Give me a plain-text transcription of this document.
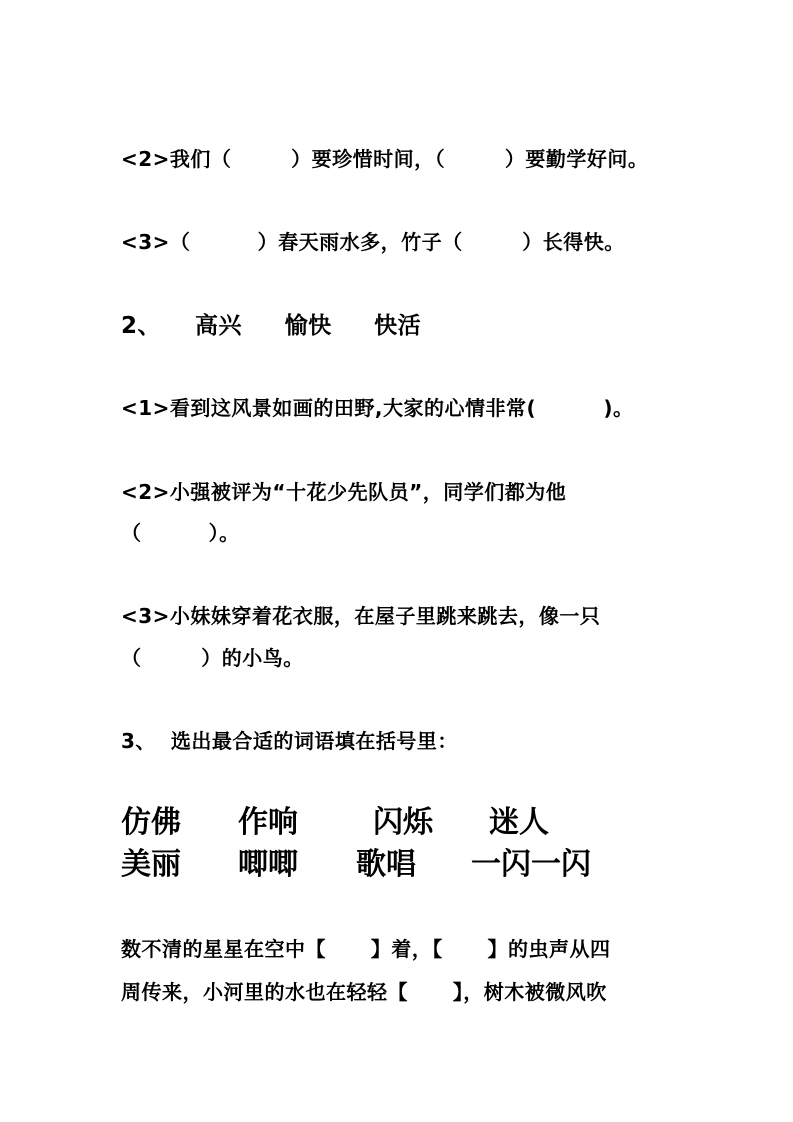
<2>我们（        ）要珍惜时间，（        ）要勤学好问。
<3>（         ）春天雨水多，竹子（        ）长得快。
2、    高兴     愉快     快活
<1>看到这风景如画的田野,大家的心情非常(         )。
<2>小强被评为“十花少先队员”，同学们都为他
（         ）。
<3>小妹妹穿着花衣服，在屋子里跳来跳去，像一只
（        ）的小鸟。
3、  选出最合适的词语填在括号里：
仿佛 作响	闪烁 迷人
美丽 唧唧 歌唱 一闪一闪
数不清的星星在空中【      】着，【      】的虫声从四
周传来，小河里的水也在轻轻【      】，树木被微风吹
